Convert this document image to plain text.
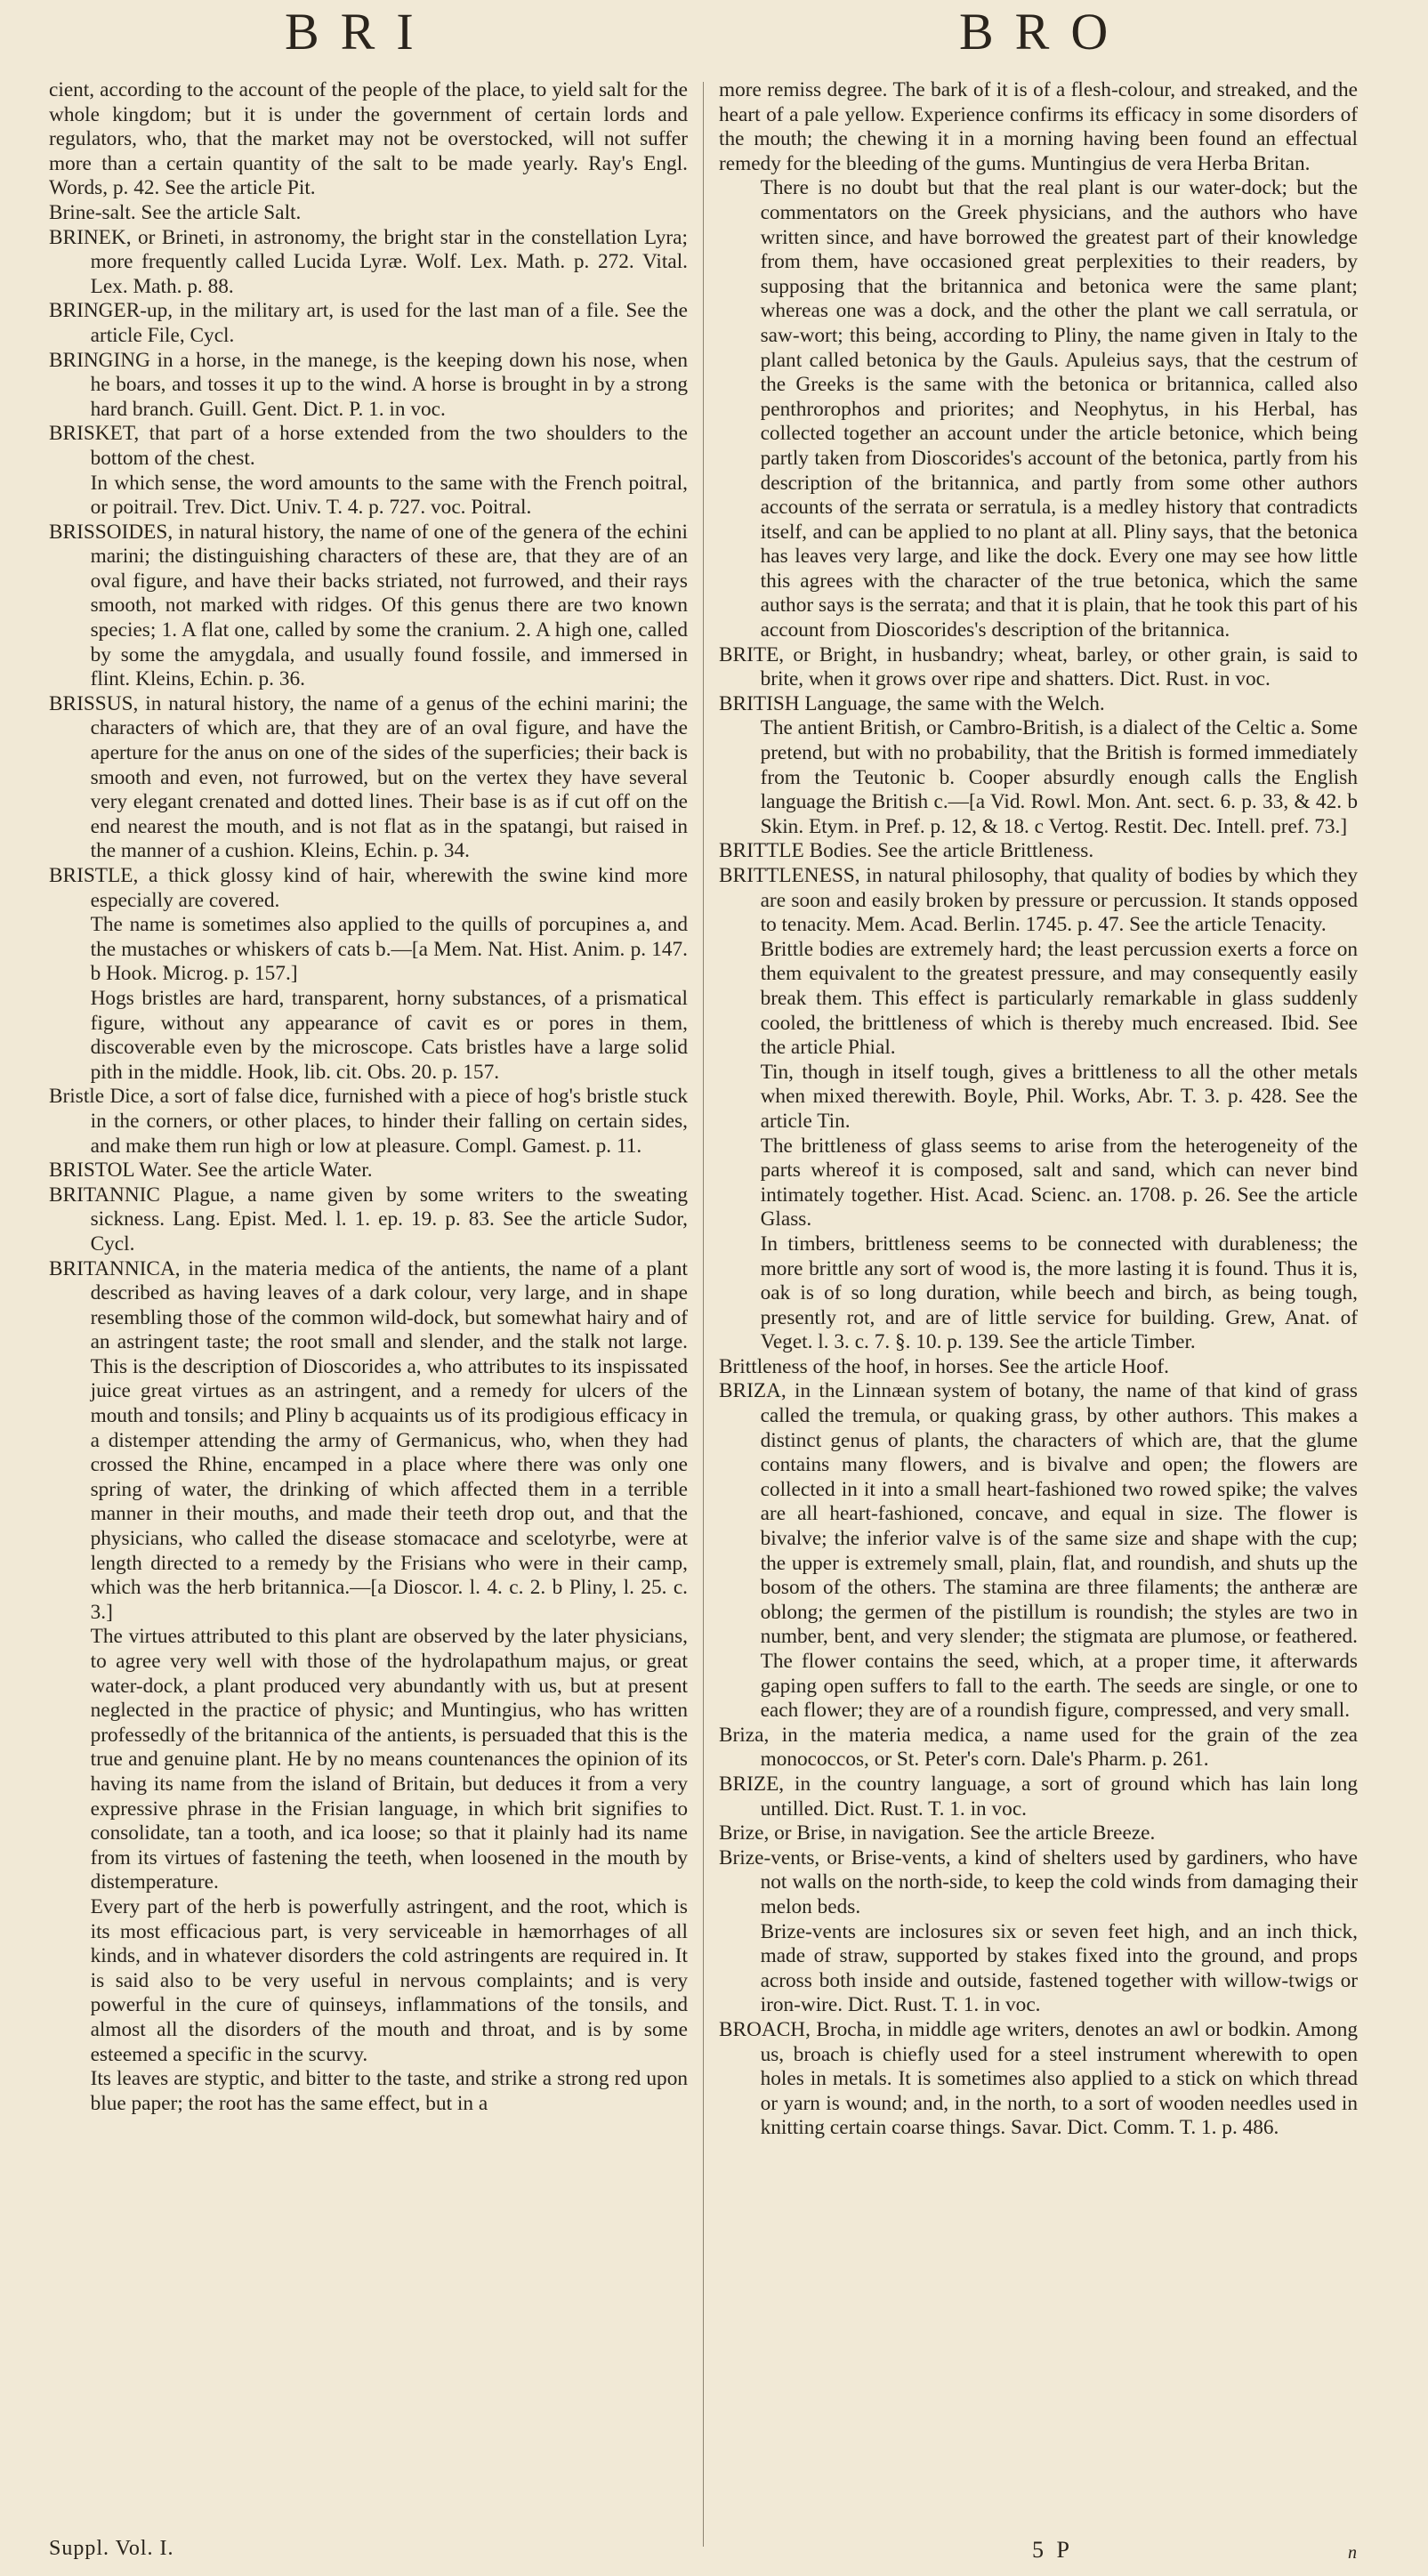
BRI	BRO

cient, according to the account of the people of the place, to yield salt for the whole kingdom; but it is under the government of certain lords and regulators, who, that the market may not be overstocked, will not suffer more than a certain quantity of the salt to be made yearly. Ray's Engl. Words, p. 42. See the article Pit.

Brine-salt. See the article Salt.

BRINEK, or Brineti, in astronomy, the bright star in the constellation Lyra; more frequently called Lucida Lyræ. Wolf. Lex. Math. p. 272. Vital. Lex. Math. p. 88.

BRINGER-up, in the military art, is used for the last man of a file. See the article File, Cycl.

BRINGING in a horse, in the manege, is the keeping down his nose, when he boars, and tosses it up to the wind. A horse is brought in by a strong hard branch. Guill. Gent. Dict. P. 1. in voc.

BRISKET, that part of a horse extended from the two shoulders to the bottom of the chest.

In which sense, the word amounts to the same with the French poitral, or poitrail. Trev. Dict. Univ. T. 4. p. 727. voc. Poitral.

BRISSOIDES, in natural history, the name of one of the genera of the echini marini; the distinguishing characters of these are, that they are of an oval figure, and have their backs striated, not furrowed, and their rays smooth, not marked with ridges. Of this genus there are two known species; 1. A flat one, called by some the cranium. 2. A high one, called by some the amygdala, and usually found fossile, and immersed in flint. Kleins, Echin. p. 36.

BRISSUS, in natural history, the name of a genus of the echini marini; the characters of which are, that they are of an oval figure, and have the aperture for the anus on one of the sides of the superficies; their back is smooth and even, not furrowed, but on the vertex they have several very elegant crenated and dotted lines. Their base is as if cut off on the end nearest the mouth, and is not flat as in the spatangi, but raised in the manner of a cushion. Kleins, Echin. p. 34.

BRISTLE, a thick glossy kind of hair, wherewith the swine kind more especially are covered.

The name is sometimes also applied to the quills of porcupines a, and the mustaches or whiskers of cats b.—[a Mem. Nat. Hist. Anim. p. 147. b Hook. Microg. p. 157.]

Hogs bristles are hard, transparent, horny substances, of a prismatical figure, without any appearance of cavit es or pores in them, discoverable even by the microscope. Cats bristles have a large solid pith in the middle. Hook, lib. cit. Obs. 20. p. 157.

Bristle Dice, a sort of false dice, furnished with a piece of hog's bristle stuck in the corners, or other places, to hinder their falling on certain sides, and make them run high or low at pleasure. Compl. Gamest. p. 11.

BRISTOL Water. See the article Water.

BRITANNIC Plague, a name given by some writers to the sweating sickness. Lang. Epist. Med. l. 1. ep. 19. p. 83. See the article Sudor, Cycl.

BRITANNICA, in the materia medica of the antients, the name of a plant described as having leaves of a dark colour, very large, and in shape resembling those of the common wild-dock, but somewhat hairy and of an astringent taste; the root small and slender, and the stalk not large. This is the description of Dioscorides a, who attributes to its inspissated juice great virtues as an astringent, and a remedy for ulcers of the mouth and tonsils; and Pliny b acquaints us of its prodigious efficacy in a distemper attending the army of Germanicus, who, when they had crossed the Rhine, encamped in a place where there was only one spring of water, the drinking of which affected them in a terrible manner in their mouths, and made their teeth drop out, and that the physicians, who called the disease stomacace and scelotyrbe, were at length directed to a remedy by the Frisians who were in their camp, which was the herb britannica.—[a Dioscor. l. 4. c. 2. b Pliny, l. 25. c. 3.]

The virtues attributed to this plant are observed by the later physicians, to agree very well with those of the hydrolapathum majus, or great water-dock, a plant produced very abundantly with us, but at present neglected in the practice of physic; and Muntingius, who has written professedly of the britannica of the antients, is persuaded that this is the true and genuine plant. He by no means countenances the opinion of its having its name from the island of Britain, but deduces it from a very expressive phrase in the Frisian language, in which brit signifies to consolidate, tan a tooth, and ica loose; so that it plainly had its name from its virtues of fastening the teeth, when loosened in the mouth by distemperature.

Every part of the herb is powerfully astringent, and the root, which is its most efficacious part, is very serviceable in hæmorrhages of all kinds, and in whatever disorders the cold astringents are required in. It is said also to be very useful in nervous complaints; and is very powerful in the cure of quinseys, inflammations of the tonsils, and almost all the disorders of the mouth and throat, and is by some esteemed a specific in the scurvy.

Its leaves are styptic, and bitter to the taste, and strike a strong red upon blue paper; the root has the same effect, but in a

more remiss degree. The bark of it is of a flesh-colour, and streaked, and the heart of a pale yellow. Experience confirms its efficacy in some disorders of the mouth; the chewing it in a morning having been found an effectual remedy for the bleeding of the gums. Muntingius de vera Herba Britan.

There is no doubt but that the real plant is our water-dock; but the commentators on the Greek physicians, and the authors who have written since, and have borrowed the greatest part of their knowledge from them, have occasioned great perplexities to their readers, by supposing that the britannica and betonica were the same plant; whereas one was a dock, and the other the plant we call serratula, or saw-wort; this being, according to Pliny, the name given in Italy to the plant called betonica by the Gauls. Apuleius says, that the cestrum of the Greeks is the same with the betonica or britannica, called also penthrorophos and priorites; and Neophytus, in his Herbal, has collected together an account under the article betonice, which being partly taken from Dioscorides's account of the betonica, partly from his description of the britannica, and partly from some other authors accounts of the serrata or serratula, is a medley history that contradicts itself, and can be applied to no plant at all. Pliny says, that the betonica has leaves very large, and like the dock. Every one may see how little this agrees with the character of the true betonica, which the same author says is the serrata; and that it is plain, that he took this part of his account from Dioscorides's description of the britannica.

BRITE, or Bright, in husbandry; wheat, barley, or other grain, is said to brite, when it grows over ripe and shatters. Dict. Rust. in voc.

BRITISH Language, the same with the Welch.

The antient British, or Cambro-British, is a dialect of the Celtic a. Some pretend, but with no probability, that the British is formed immediately from the Teutonic b. Cooper absurdly enough calls the English language the British c.—[a Vid. Rowl. Mon. Ant. sect. 6. p. 33, & 42. b Skin. Etym. in Pref. p. 12, & 18. c Vertog. Restit. Dec. Intell. pref. 73.]

BRITTLE Bodies. See the article Brittleness.

BRITTLENESS, in natural philosophy, that quality of bodies by which they are soon and easily broken by pressure or percussion. It stands opposed to tenacity. Mem. Acad. Berlin. 1745. p. 47. See the article Tenacity.

Brittle bodies are extremely hard; the least percussion exerts a force on them equivalent to the greatest pressure, and may consequently easily break them. This effect is particularly remarkable in glass suddenly cooled, the brittleness of which is thereby much encreased. Ibid. See the article Phial.

Tin, though in itself tough, gives a brittleness to all the other metals when mixed therewith. Boyle, Phil. Works, Abr. T. 3. p. 428. See the article Tin.

The brittleness of glass seems to arise from the heterogeneity of the parts whereof it is composed, salt and sand, which can never bind intimately together. Hist. Acad. Scienc. an. 1708. p. 26. See the article Glass.

In timbers, brittleness seems to be connected with durableness; the more brittle any sort of wood is, the more lasting it is found. Thus it is, oak is of so long duration, while beech and birch, as being tough, presently rot, and are of little service for building. Grew, Anat. of Veget. l. 3. c. 7. §. 10. p. 139. See the article Timber.

Brittleness of the hoof, in horses. See the article Hoof.

BRIZA, in the Linnæan system of botany, the name of that kind of grass called the tremula, or quaking grass, by other authors. This makes a distinct genus of plants, the characters of which are, that the glume contains many flowers, and is bivalve and open; the flowers are collected in it into a small heart-fashioned two rowed spike; the valves are all heart-fashioned, concave, and equal in size. The flower is bivalve; the inferior valve is of the same size and shape with the cup; the upper is extremely small, plain, flat, and roundish, and shuts up the bosom of the others. The stamina are three filaments; the antheræ are oblong; the germen of the pistillum is roundish; the styles are two in number, bent, and very slender; the stigmata are plumose, or feathered. The flower contains the seed, which, at a proper time, it afterwards gaping open suffers to fall to the earth. The seeds are single, or one to each flower; they are of a roundish figure, compressed, and very small.

Briza, in the materia medica, a name used for the grain of the zea monococcos, or St. Peter's corn. Dale's Pharm. p. 261.

BRIZE, in the country language, a sort of ground which has lain long untilled. Dict. Rust. T. 1. in voc.

Brize, or Brise, in navigation. See the article Breeze.

Brize-vents, or Brise-vents, a kind of shelters used by gardiners, who have not walls on the north-side, to keep the cold winds from damaging their melon beds.

Brize-vents are inclosures six or seven feet high, and an inch thick, made of straw, supported by stakes fixed into the ground, and props across both inside and outside, fastened together with willow-twigs or iron-wire. Dict. Rust. T. 1. in voc.

BROACH, Brocha, in middle age writers, denotes an awl or bodkin. Among us, broach is chiefly used for a steel instrument wherewith to open holes in metals. It is sometimes also applied to a stick on which thread or yarn is wound; and, in the north, to a sort of wooden needles used in knitting certain coarse things. Savar. Dict. Comm. T. 1. p. 486.

Suppl. Vol. I.	5 P	n
